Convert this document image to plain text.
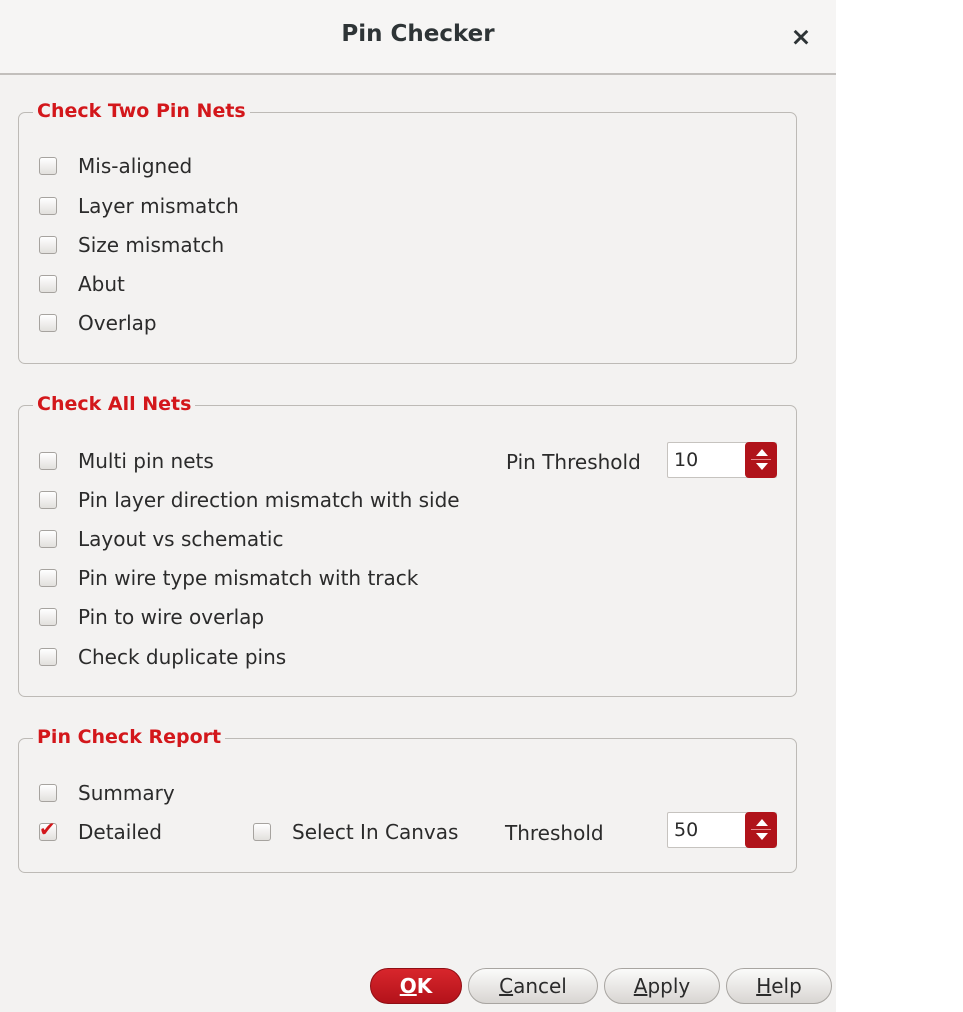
Pin Checker	×
Check Two Pin Nets
Mis-aligned
Layer mismatch
Size mismatch
Abut
Overlap
Check All Nets
Multi pin nets
Pin layer direction mismatch with side
Layout vs schematic
Pin wire type mismatch with track
Pin to wire overlap
Check duplicate pins
Pin Threshold 10
Pin Check Report
Summary
✔ Detailed	Select In Canvas Threshold	50
OK	Cancel	Apply	Help
